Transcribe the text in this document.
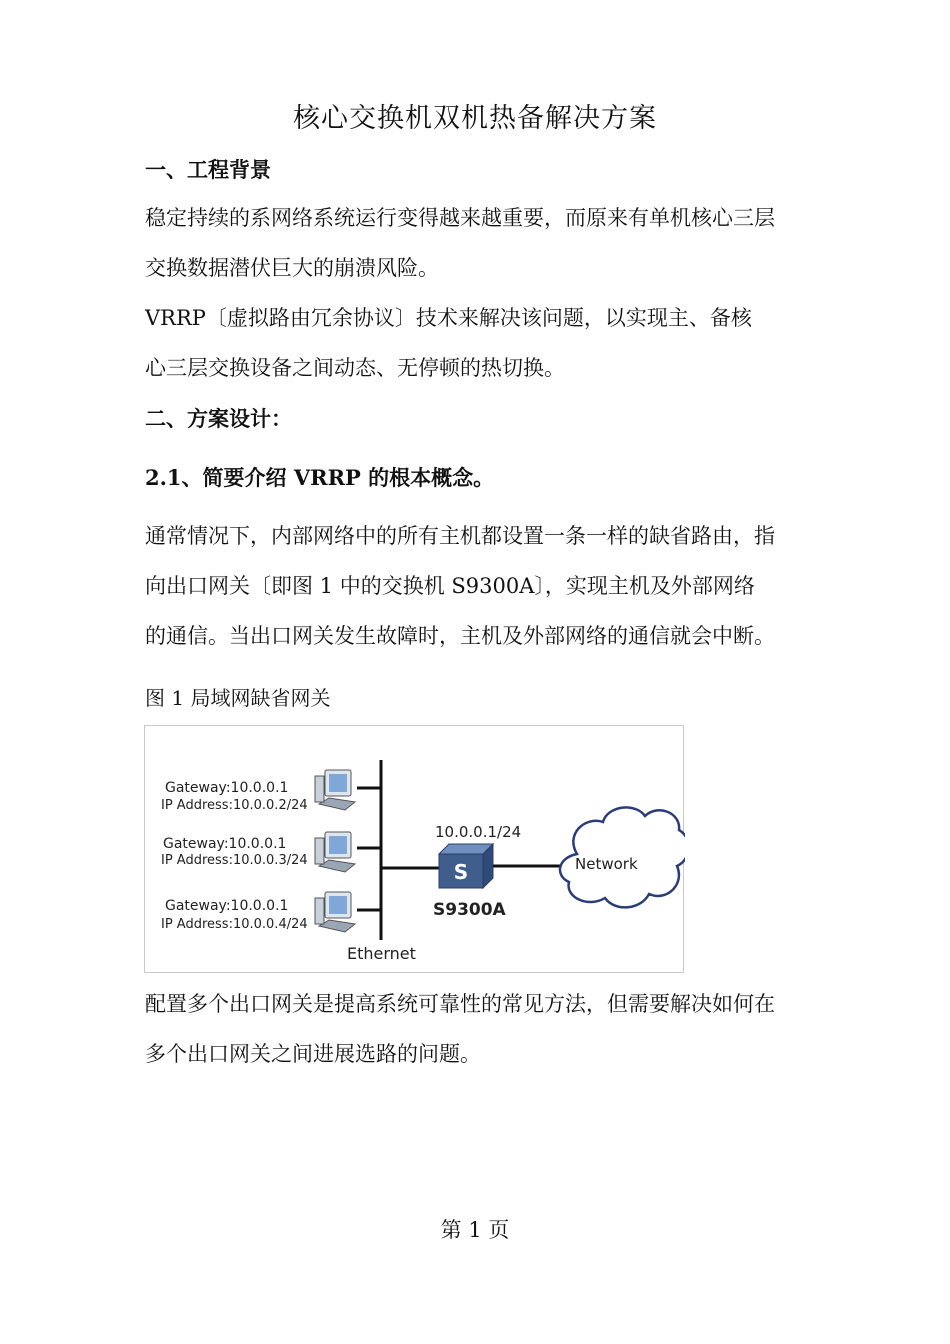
核心交换机双机热备解决方案
一、工程背景

稳定持续的系网络系统运行变得越来越重要，而原来有单机核心三层

交换数据潜伏巨大的崩溃风险。

VRRP〔虚拟路由冗余协议〕技术来解决该问题，以实现主、备核

心三层交换设备之间动态、无停顿的热切换。

二、方案设计：
2.1、简要介绍 VRRP 的根本概念。

通常情况下，内部网络中的所有主机都设置一条一样的缺省路由，指

向出口网关〔即图 1 中的交换机 S9300A〕，实现主机及外部网络

的通信。当出口网关发生故障时，主机及外部网络的通信就会中断。

图 1 局域网缺省网关
Gateway:10.0.0.1
IP Address:10.0.0.2/24
Gateway:10.0.0.1
IP Address:10.0.0.3/24
Gateway:10.0.0.1
IP Address:10.0.0.4/24
Ethernet
10.0.0.1/24
S
S9300A
Network

配置多个出口网关是提高系统可靠性的常见方法，但需要解决如何在

多个出口网关之间进展选路的问题。

第 1 页
